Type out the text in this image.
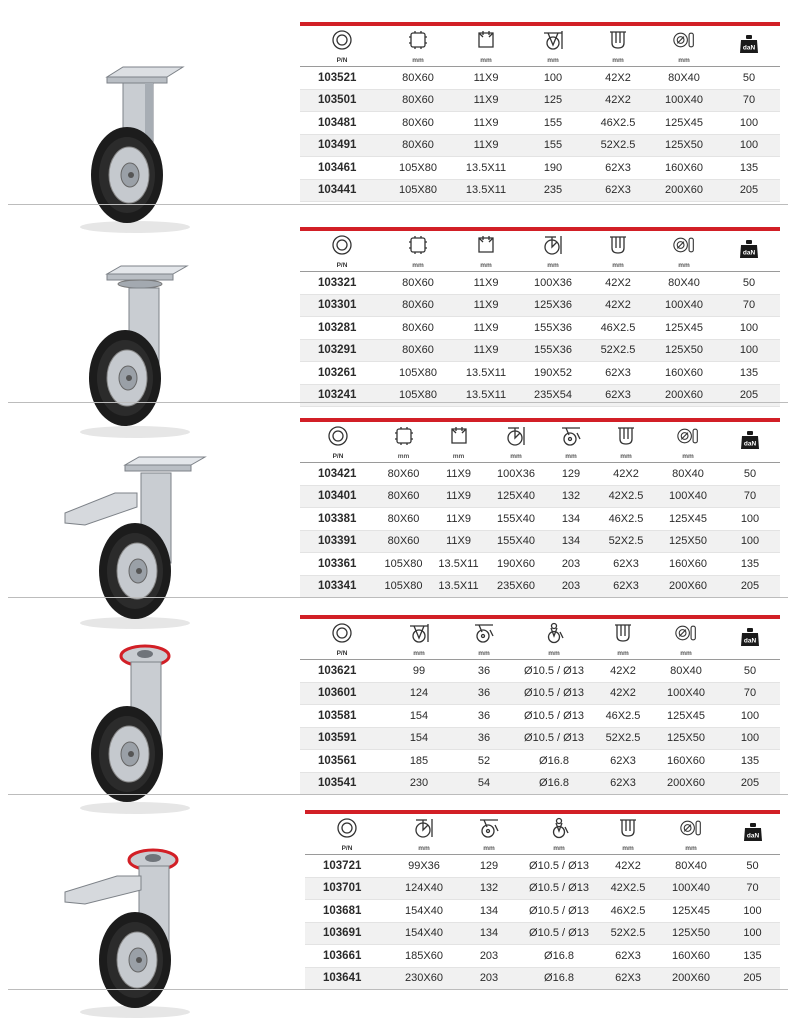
P/N	mm	mm	mm	mm	mm	daN

103521	80X60	11X9	100	42X2	80X40	50
103501	80X60	11X9	125	42X2	100X40	70
103481	80X60	11X9	155	46X2.5	125X45	100
103491	80X60	11X9	155	52X2.5	125X50	100
103461	105X80	13.5X11	190	62X3	160X60	135
103441	105X80	13.5X11	235	62X3	200X60	205
P/N	mm	mm	mm	mm	mm	daN

103321	80X60	11X9	100X36	42X2	80X40	50
103301	80X60	11X9	125X36	42X2	100X40	70
103281	80X60	11X9	155X36	46X2.5	125X45	100
103291	80X60	11X9	155X36	52X2.5	125X50	100
103261	105X80	13.5X11	190X52	62X3	160X60	135
103241	105X80	13.5X11	235X54	62X3	200X60	205
P/N	mm	mm	mm	mm	mm	mm	daN

103421	80X60	11X9	100X36	129	42X2	80X40	50
103401	80X60	11X9	125X40	132	42X2.5	100X40	70
103381	80X60	11X9	155X40	134	46X2.5	125X45	100
103391	80X60	11X9	155X40	134	52X2.5	125X50	100
103361	105X80	13.5X11	190X60	203	62X3	160X60	135
103341	105X80	13.5X11	235X60	203	62X3	200X60	205
P/N	mm	mm	mm	mm	mm	daN

103621	99	36	Ø10.5 / Ø13	42X2	80X40	50
103601	124	36	Ø10.5 / Ø13	42X2	100X40	70
103581	154	36	Ø10.5 / Ø13	46X2.5	125X45	100
103591	154	36	Ø10.5 / Ø13	52X2.5	125X50	100
103561	185	52	Ø16.8	62X3	160X60	135
103541	230	54	Ø16.8	62X3	200X60	205
P/N	mm	mm	mm	mm	mm	daN

103721	99X36	129	Ø10.5 / Ø13	42X2	80X40	50
103701	124X40	132	Ø10.5 / Ø13	42X2.5	100X40	70
103681	154X40	134	Ø10.5 / Ø13	46X2.5	125X45	100
103691	154X40	134	Ø10.5 / Ø13	52X2.5	125X50	100
103661	185X60	203	Ø16.8	62X3	160X60	135
103641	230X60	203	Ø16.8	62X3	200X60	205
